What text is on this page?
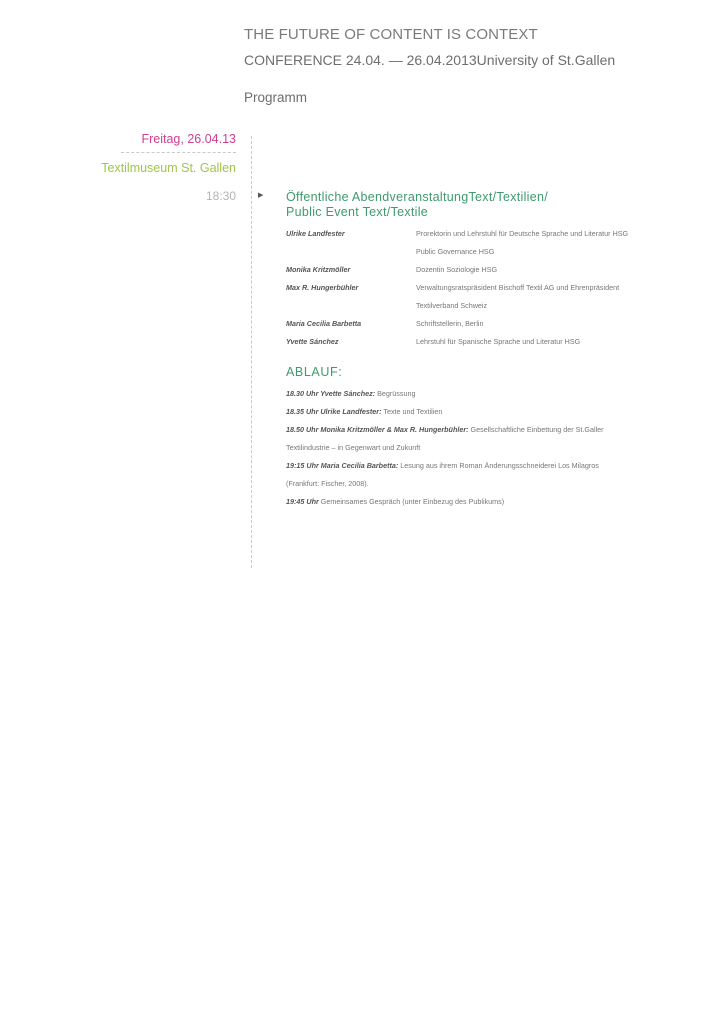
THE FUTURE OF CONTENT IS CONTEXT
CONFERENCE 24.04. — 26.04.2013University of St.Gallen
Programm
Freitag, 26.04.13
Textilmuseum St. Gallen
18:30	▶ Öffentliche AbendveranstaltungText/Textilien/
Public Event Text/Textile
Ulrike Landfester	Prorektorin und Lehrstuhl für Deutsche Sprache und Literatur HSG
Public Governance HSG
Monika Kritzmöller	Dozentin Soziologie HSG
Max R. Hungerbühler	Verwaltungsratspräsident Bischoff Textil AG und Ehrenpräsident
Textilverband Schweiz
Maria Cecilia Barbetta	Schriftstellerin, Berlin
Yvette Sánchez	Lehrstuhl für Spanische Sprache und Literatur HSG
ABLAUF:
18.30 Uhr Yvette Sánchez: Begrüssung
18.35 Uhr Ulrike Landfester: Texte und Textilien
18.50 Uhr Monika Kritzmöller & Max R. Hungerbühler: Gesellschaftliche Einbettung der St.Galler
Textilindustrie – in Gegenwart und Zukunft
19:15 Uhr Maria Cecilia Barbetta: Lesung aus ihrem Roman Änderungsschneiderei Los Milagros
(Frankfurt: Fischer, 2008).
19:45 Uhr Gemeinsames Gespräch (unter Einbezug des Publikums)
